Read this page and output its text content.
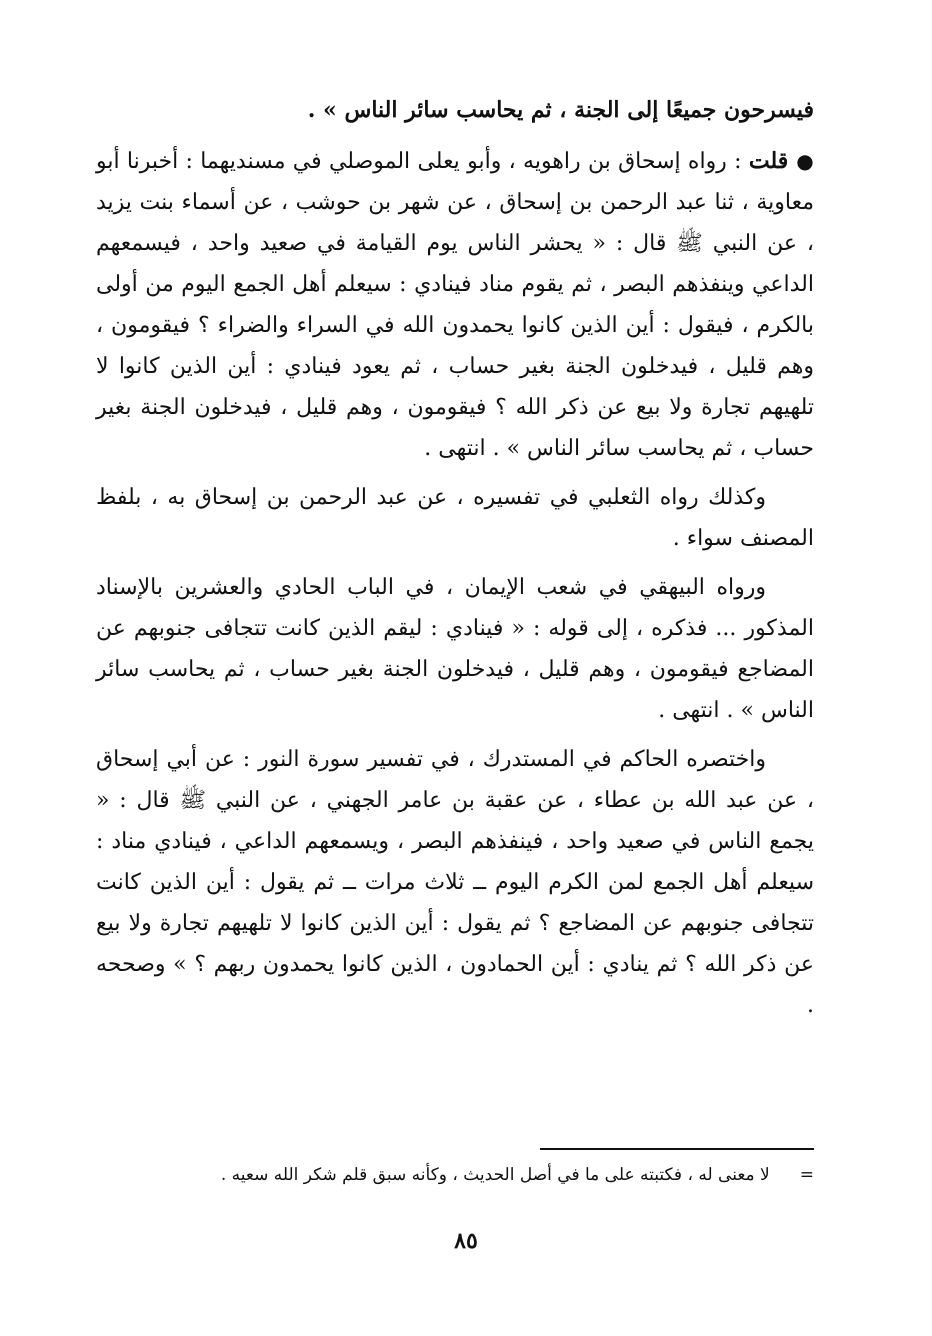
فيسرحون جميعًا إلى الجنة ، ثم يحاسب سائر الناس » .

●قلت : رواه إسحاق بن راهويه ، وأبو يعلى الموصلي في مسنديهما : أخبرنا أبو معاوية ، ثنا عبد الرحمن بن إسحاق ، عن شهر بن حوشب ، عن أسماء بنت يزيد ، عن النبي ﷺ قال : « يحشر الناس يوم القيامة في صعيد واحد ، فيسمعهم الداعي وينفذهم البصر ، ثم يقوم مناد فينادي : سيعلم أهل الجمع اليوم من أولى بالكرم ، فيقول : أين الذين كانوا يحمدون الله في السراء والضراء ؟ فيقومون ، وهم قليل ، فيدخلون الجنة بغير حساب ، ثم يعود فينادي : أين الذين كانوا لا تلهيهم تجارة ولا بيع عن ذكر الله ؟ فيقومون ، وهم قليل ، فيدخلون الجنة بغير حساب ، ثم يحاسب سائر الناس » . انتهى .

وكذلك رواه الثعلبي في تفسيره ، عن عبد الرحمن بن إسحاق به ، بلفظ المصنف سواء .

ورواه البيهقي في شعب الإيمان ، في الباب الحادي والعشرين بالإسناد المذكور ... فذكره ، إلى قوله : « فينادي : ليقم الذين كانت تتجافى جنوبهم عن المضاجع فيقومون ، وهم قليل ، فيدخلون الجنة بغير حساب ، ثم يحاسب سائر الناس » . انتهى .

واختصره الحاكم في المستدرك ، في تفسير سورة النور : عن أبي إسحاق ، عن عبد الله بن عطاء ، عن عقبة بن عامر الجهني ، عن النبي ﷺ قال : « يجمع الناس في صعيد واحد ، فينفذهم البصر ، ويسمعهم الداعي ، فينادي مناد : سيعلم أهل الجمع لمن الكرم اليوم ــ ثلاث مرات ــ ثم يقول : أين الذين كانت تتجافى جنوبهم عن المضاجع ؟ ثم يقول : أين الذين كانوا لا تلهيهم تجارة ولا بيع عن ذكر الله ؟ ثم ينادي : أين الحمادون ، الذين كانوا يحمدون ربهم ؟ » وصححه .

=لا معنى له ، فكتبته على ما في أصل الحديث ، وكأنه سبق قلم شكر الله سعيه .
٨٥
